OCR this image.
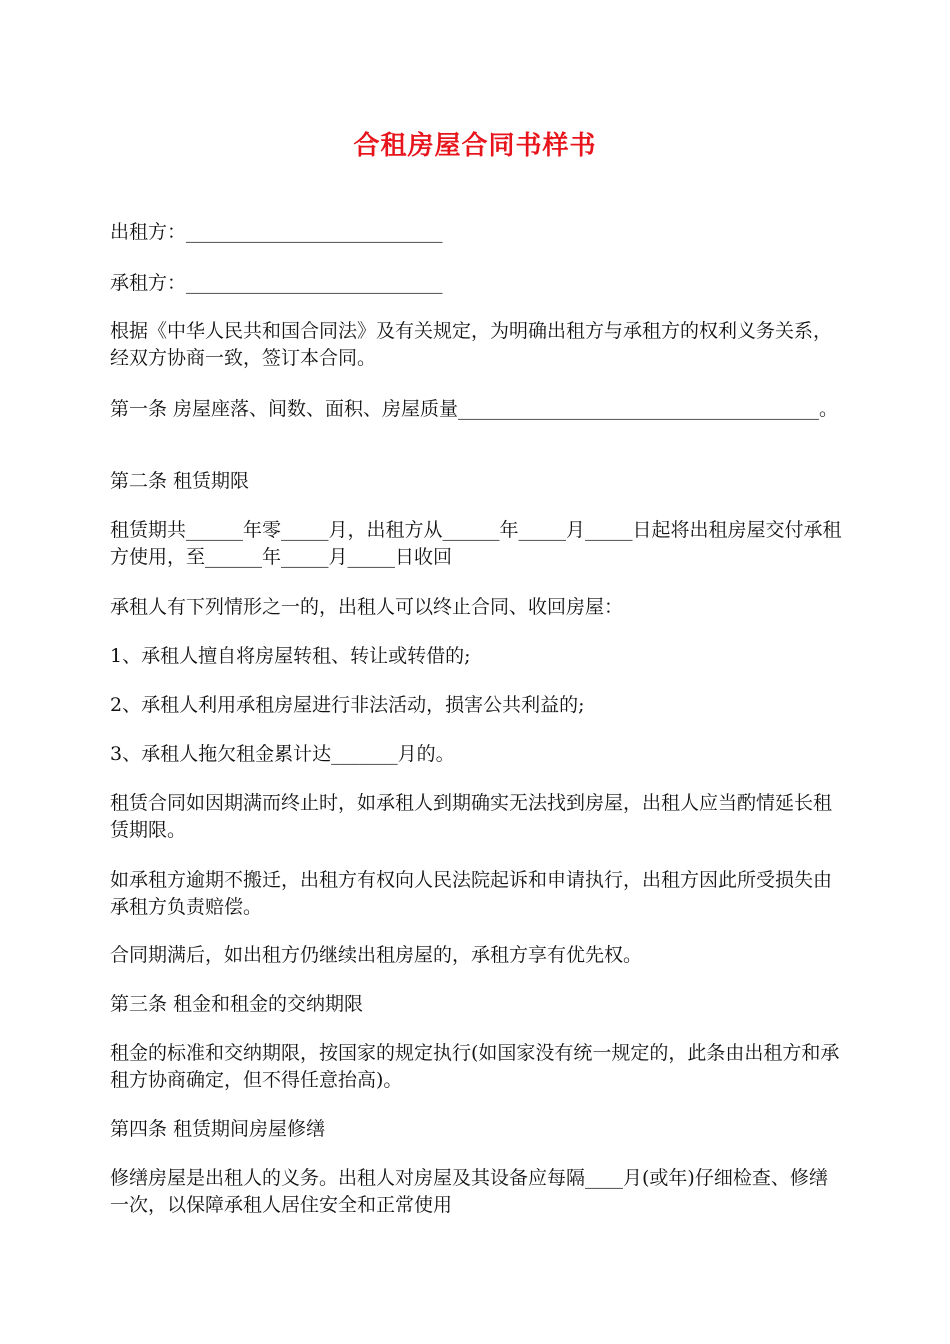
合租房屋合同书样书

出租方：___________________________

承租方：___________________________

根据《中华人民共和国合同法》及有关规定，为明确出租方与承租方的权利义务关系，经双方协商一致，签订本合同。

第一条 房屋座落、间数、面积、房屋质量______________________________________。

第二条 租赁期限

租赁期共______年零_____月，出租方从______年_____月_____日起将出租房屋交付承租方使用，至______年_____月_____日收回

承租人有下列情形之一的，出租人可以终止合同、收回房屋：

1、承租人擅自将房屋转租、转让或转借的;

2、承租人利用承租房屋进行非法活动，损害公共利益的;

3、承租人拖欠租金累计达_______月的。

租赁合同如因期满而终止时，如承租人到期确实无法找到房屋，出租人应当酌情延长租赁期限。

如承租方逾期不搬迁，出租方有权向人民法院起诉和申请执行，出租方因此所受损失由承租方负责赔偿。

合同期满后，如出租方仍继续出租房屋的，承租方享有优先权。

第三条 租金和租金的交纳期限

租金的标准和交纳期限，按国家的规定执行(如国家没有统一规定的，此条由出租方和承租方协商确定，但不得任意抬高)。

第四条 租赁期间房屋修缮

修缮房屋是出租人的义务。出租人对房屋及其设备应每隔____月(或年)仔细检查、修缮一次，以保障承租人居住安全和正常使用
